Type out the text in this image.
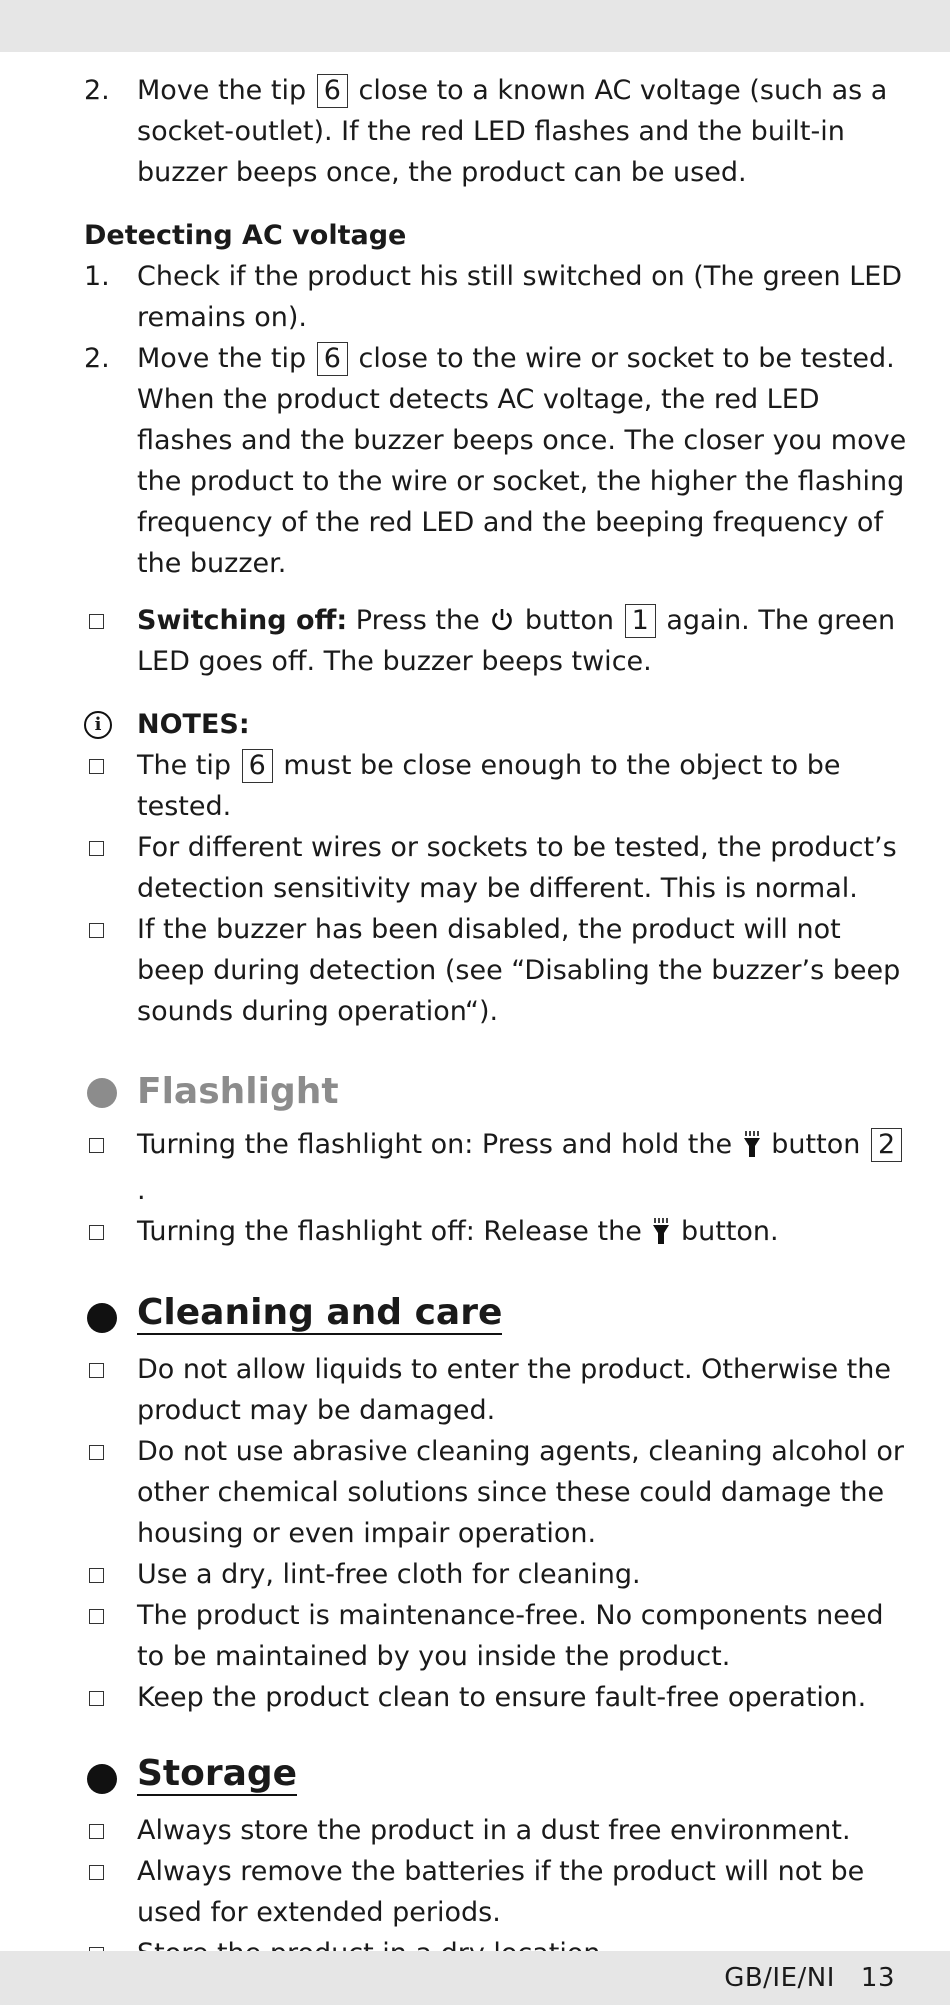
2. Move the tip 6 close to a known AC voltage (such as a socket-outlet). If the red LED flashes and the built-in buzzer beeps once, the product can be used.
Detecting AC voltage
1. Check if the product his still switched on (The green LED remains on).
2. Move the tip 6 close to the wire or socket to be tested. When the product detects AC voltage, the red LED flashes and the buzzer beeps once. The closer you move the product to the wire or socket, the higher the flashing frequency of the red LED and the beeping frequency of the buzzer.
Switching off: Press the  button 1 again. The green LED goes off. The buzzer beeps twice.
i	NOTES:
The tip 6 must be close enough to the object to be tested.
For different wires or sockets to be tested, the product’s detection sensitivity may be different. This is normal.
If the buzzer has been disabled, the product will not beep during detection (see “Disabling the buzzer’s beep sounds during operation“).
Flashlight
Turning the flashlight on: Press and hold the  button 2.
Turning the flashlight off: Release the  button.
Cleaning and care
Do not allow liquids to enter the product. Otherwise the product may be damaged.
Do not use abrasive cleaning agents, cleaning alcohol or other chemical solutions since these could damage the housing or even impair operation.
Use a dry, lint-free cloth for cleaning.
The product is maintenance-free. No components need to be maintained by you inside the product.
Keep the product clean to ensure fault-free operation.
Storage
Always store the product in a dust free environment.
Always remove the batteries if the product will not be used for extended periods.
GB/IE/NI 13
